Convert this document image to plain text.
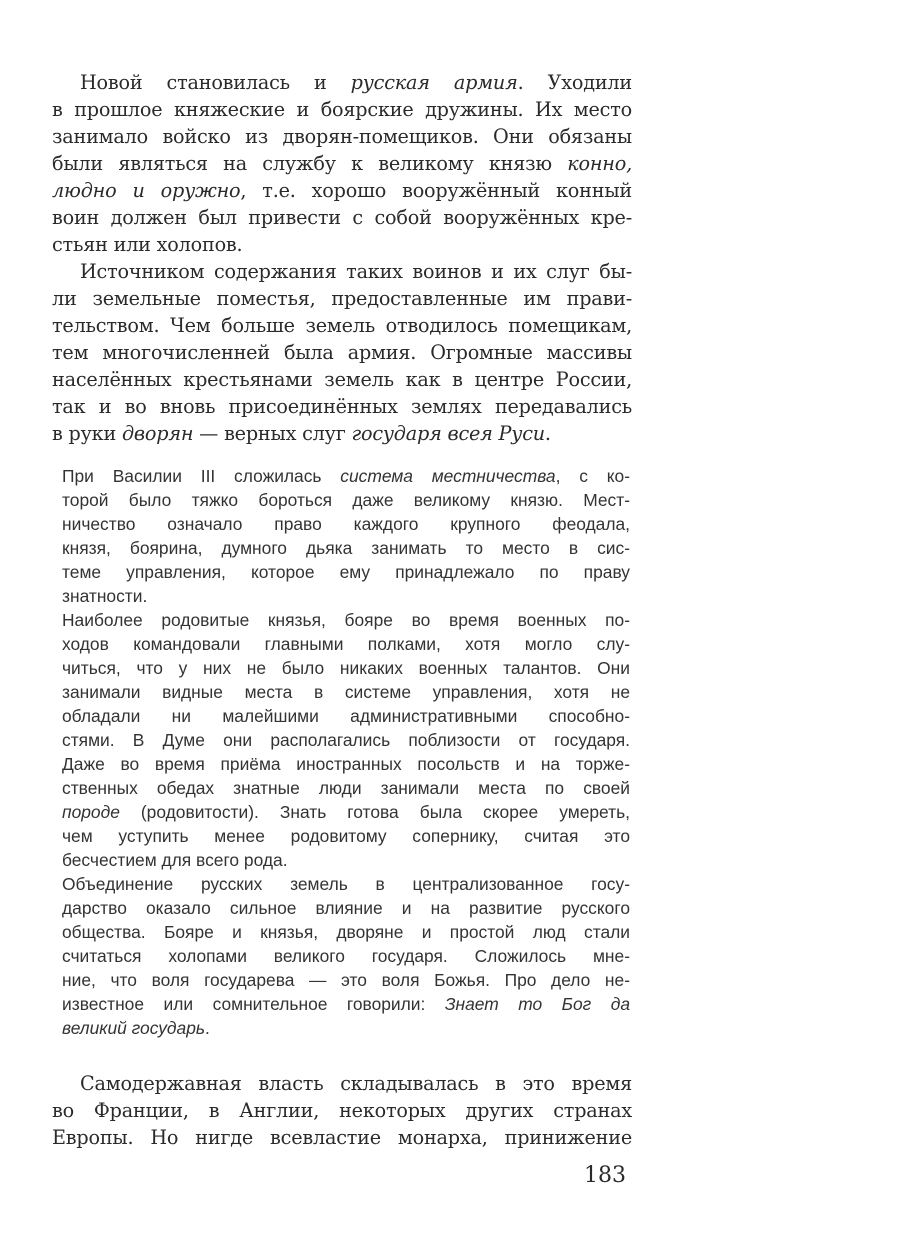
Новой становилась и русская армия. Уходили
в прошлое княжеские и боярские дружины. Их место
занимало войско из дворян-помещиков. Они обязаны
были являться на службу к великому князю конно,
людно и оружно, т.е. хорошо вооружённый конный
воин должен был привести с собой вооружённых кре-
стьян или холопов.
Источником содержания таких воинов и их слуг бы-
ли земельные поместья, предоставленные им прави-
тельством. Чем больше земель отводилось помещикам,
тем многочисленней была армия. Огромные массивы
населённых крестьянами земель как в центре России,
так и во вновь присоединённых землях передавались
в руки дворян — верных слуг государя всея Руси.
При Василии III сложилась система местничества, с ко-
торой было тяжко бороться даже великому князю. Мест-
ничество означало право каждого крупного феодала,
князя, боярина, думного дьяка занимать то место в сис-
теме управления, которое ему принадлежало по праву
знатности.
Наиболее родовитые князья, бояре во время военных по-
ходов командовали главными полками, хотя могло слу-
читься, что у них не было никаких военных талантов. Они
занимали видные места в системе управления, хотя не
обладали ни малейшими административными способно-
стями. В Думе они располагались поблизости от государя.
Даже во время приёма иностранных посольств и на торже-
ственных обедах знатные люди занимали места по своей
породе (родовитости). Знать готова была скорее умереть,
чем уступить менее родовитому сопернику, считая это
бесчестием для всего рода.
Объединение русских земель в централизованное госу-
дарство оказало сильное влияние и на развитие русского
общества. Бояре и князья, дворяне и простой люд стали
считаться холопами великого государя. Сложилось мне-
ние, что воля государева — это воля Божья. Про дело не-
известное или сомнительное говорили: Знает то Бог да
великий государь.
Самодержавная власть складывалась в это время
во Франции, в Англии, некоторых других странах
Европы. Но нигде всевластие монарха, принижение
183
